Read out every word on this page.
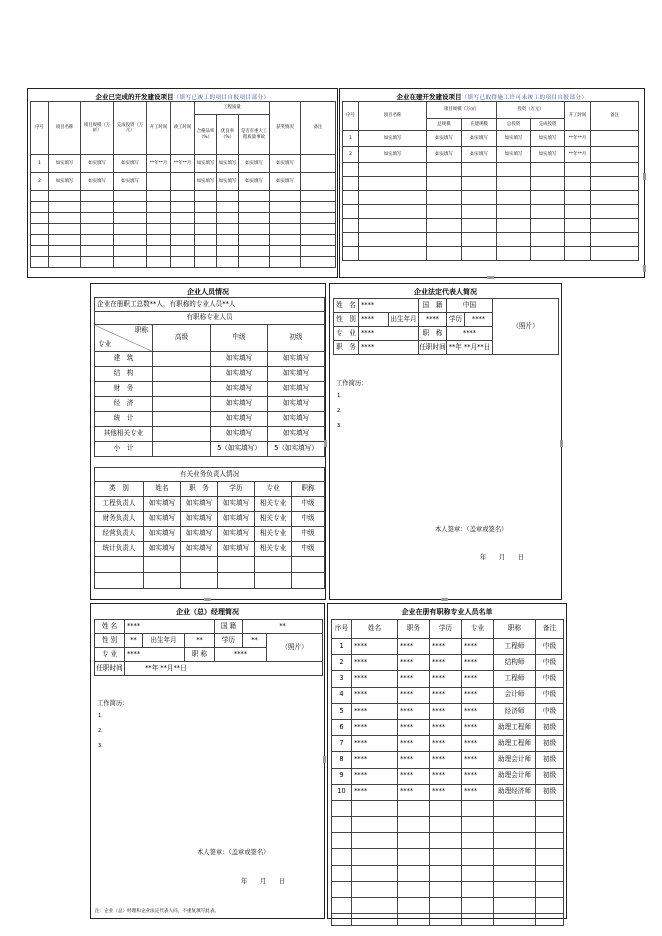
企业已完成的开发建设项目（填写已竣工的项目自报项目部分）
序号	项目名称	项目规模（万㎡）	完成投资（万元）	开工时间	竣工时间	工程质量			获奖情况	备注
						合格品率（%）	优良率（%）	是否有重大工程质量事故		
1	如实填写	如实填写	如实填写	**年**月	**年**月	如实填写	如实填写	如实填写	如实填写	
2	如实填写	如实填写	如实填写			如实填写	如实填写	如实填写	如实填写	

企业在建开发建设项目（填写已取得施工许可未竣工的项目自报部分）
序号	项目名称	项目规模（万㎡）		投资（万元）		开工时间	备注
		总规模	在建规模	总投资	完成投资		
1	如实填写	如实填写	如实填写	如实填写	如实填写	**年**月	
2	如实填写	如实填写	如实填写	如实填写	如实填写	**年**月	

企业人员情况
企业在册职工总数**人，有职称的专业人员**人			
有职称专业人员			

职称
专业	高级	中级	初级
建　筑		如实填写	如实填写
结　构		如实填写	如实填写
财　务		如实填写	如实填写
经　济		如实填写	如实填写
统　计		如实填写	如实填写
其他相关专业		如实填写	如实填写
小　计		5（如实填写）	5（如实填写）
有关业务负责人情况					
类　别	姓名	职　务	学历	专业	职称
工程负责人	如实填写	如实填写	如实填写	相关专业	中级
财务负责人	如实填写	如实填写	如实填写	相关专业	中级
经营负责人	如实填写	如实填写	如实填写	相关专业	中级
统计负责人	如实填写	如实填写	如实填写	相关专业	中级

企业法定代表人简况
姓　名	****		国　籍	中国		（照片）
性　别	****	出生年月	****	学历	****	
专　业	****		职　称	****		
职　务	****		任职时间	**年 **月**日		
工作简历：
1.
2.
3.
本人签章：（盖章或签名）
年　　月　　日
企业（总）经理简况
姓 名	****			国 籍	**	
性 别	**	出生年月	**	学历	**	（照片）
专 业	****		职 称	****		
任职时间	**年 **月**日					
工作简历：
1.
2.
3.
本人签章：（盖章或签名）
年　　月　　日
注：企业（总）经理和企业法定代表人同，不重复填写此表。
企业在册有职称专业人员名单
序号	姓名	职务	学历	专业	职称	备注
1	****	****	****	****	工程师	中级
2	****	****	****	****	结构师	中级
3	****	****	****	****	工程师	中级
4	****	****	****	****	会计师	中级
5	****	****	****	****	经济师	中级
6	****	****	****	****	助理工程师	初级
7	****	****	****	****	助理工程师	初级
8	****	****	****	****	助理会计师	初级
9	****	****	****	****	助理会计师	初级
10	****	****	****	****	助理经济师	初级
